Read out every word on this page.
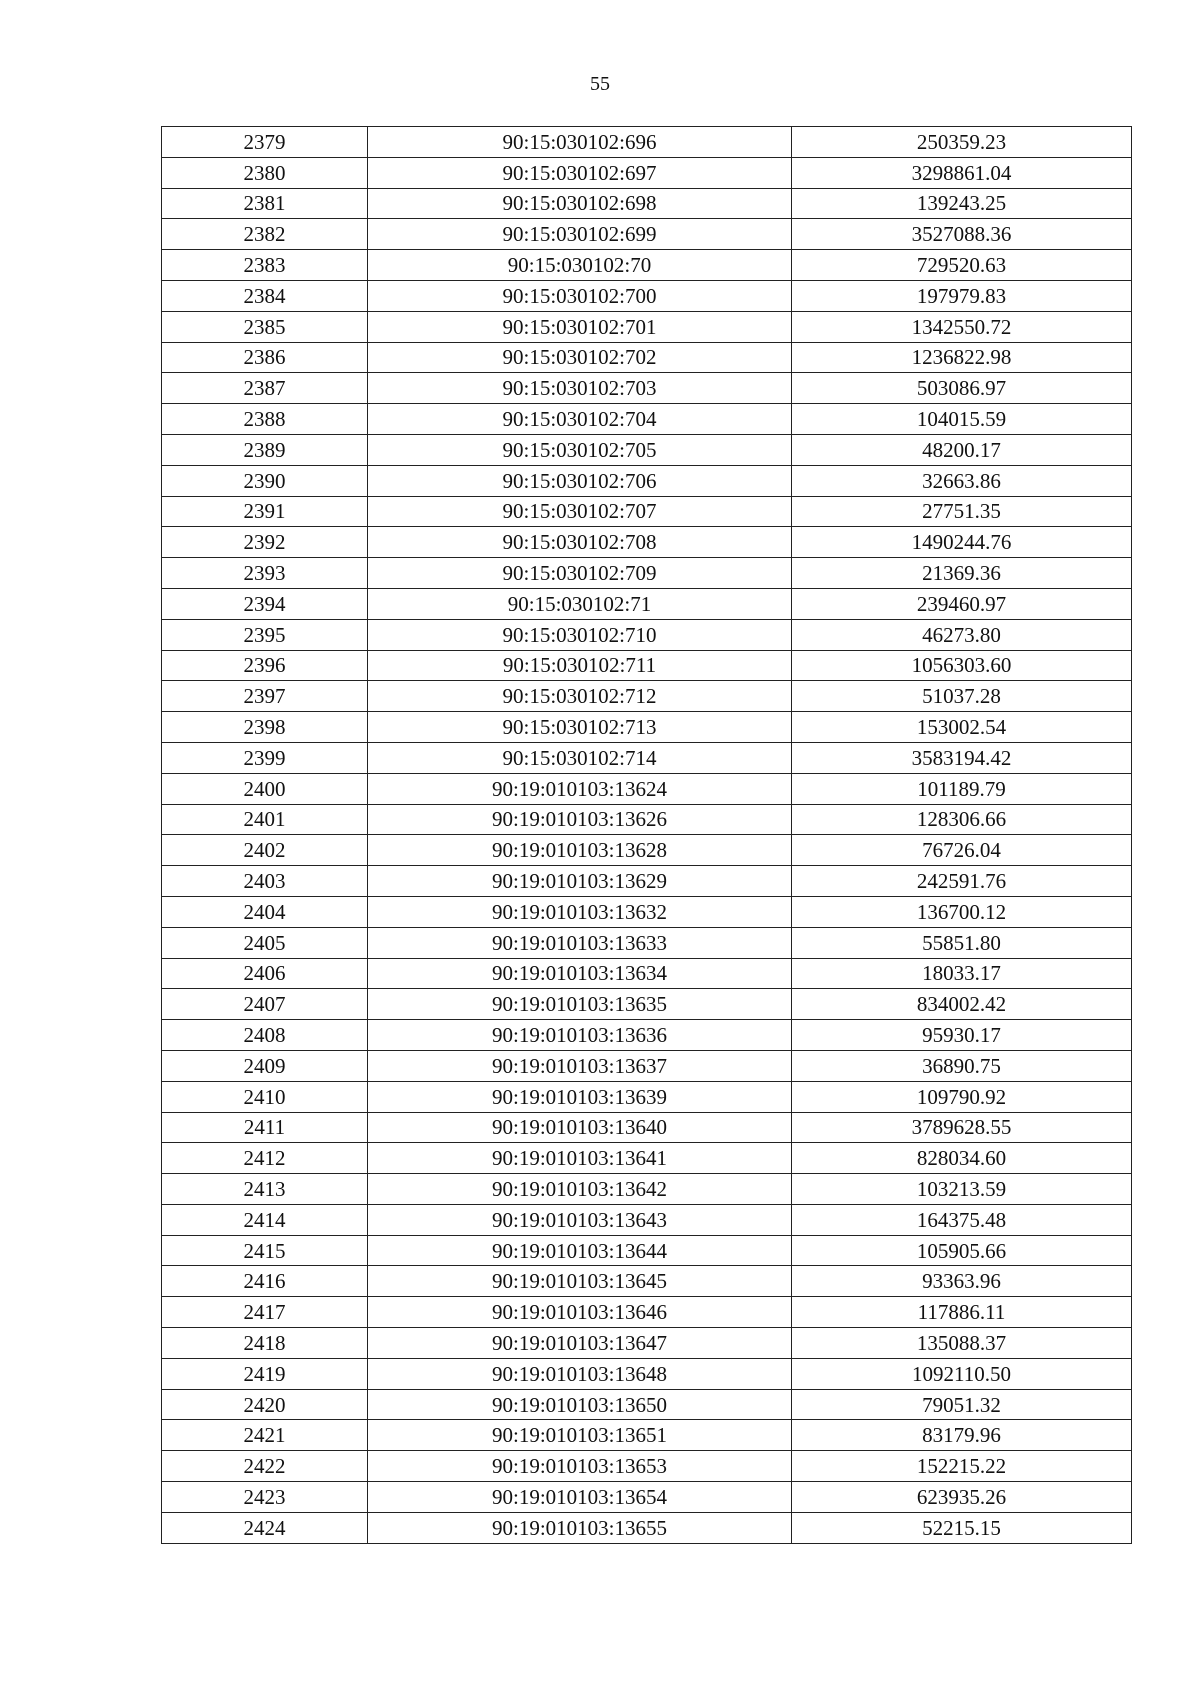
55
2379	90:15:030102:696	250359.23
2380	90:15:030102:697	3298861.04
2381	90:15:030102:698	139243.25
2382	90:15:030102:699	3527088.36
2383	90:15:030102:70	729520.63
2384	90:15:030102:700	197979.83
2385	90:15:030102:701	1342550.72
2386	90:15:030102:702	1236822.98
2387	90:15:030102:703	503086.97
2388	90:15:030102:704	104015.59
2389	90:15:030102:705	48200.17
2390	90:15:030102:706	32663.86
2391	90:15:030102:707	27751.35
2392	90:15:030102:708	1490244.76
2393	90:15:030102:709	21369.36
2394	90:15:030102:71	239460.97
2395	90:15:030102:710	46273.80
2396	90:15:030102:711	1056303.60
2397	90:15:030102:712	51037.28
2398	90:15:030102:713	153002.54
2399	90:15:030102:714	3583194.42
2400	90:19:010103:13624	101189.79
2401	90:19:010103:13626	128306.66
2402	90:19:010103:13628	76726.04
2403	90:19:010103:13629	242591.76
2404	90:19:010103:13632	136700.12
2405	90:19:010103:13633	55851.80
2406	90:19:010103:13634	18033.17
2407	90:19:010103:13635	834002.42
2408	90:19:010103:13636	95930.17
2409	90:19:010103:13637	36890.75
2410	90:19:010103:13639	109790.92
2411	90:19:010103:13640	3789628.55
2412	90:19:010103:13641	828034.60
2413	90:19:010103:13642	103213.59
2414	90:19:010103:13643	164375.48
2415	90:19:010103:13644	105905.66
2416	90:19:010103:13645	93363.96
2417	90:19:010103:13646	117886.11
2418	90:19:010103:13647	135088.37
2419	90:19:010103:13648	1092110.50
2420	90:19:010103:13650	79051.32
2421	90:19:010103:13651	83179.96
2422	90:19:010103:13653	152215.22
2423	90:19:010103:13654	623935.26
2424	90:19:010103:13655	52215.15
